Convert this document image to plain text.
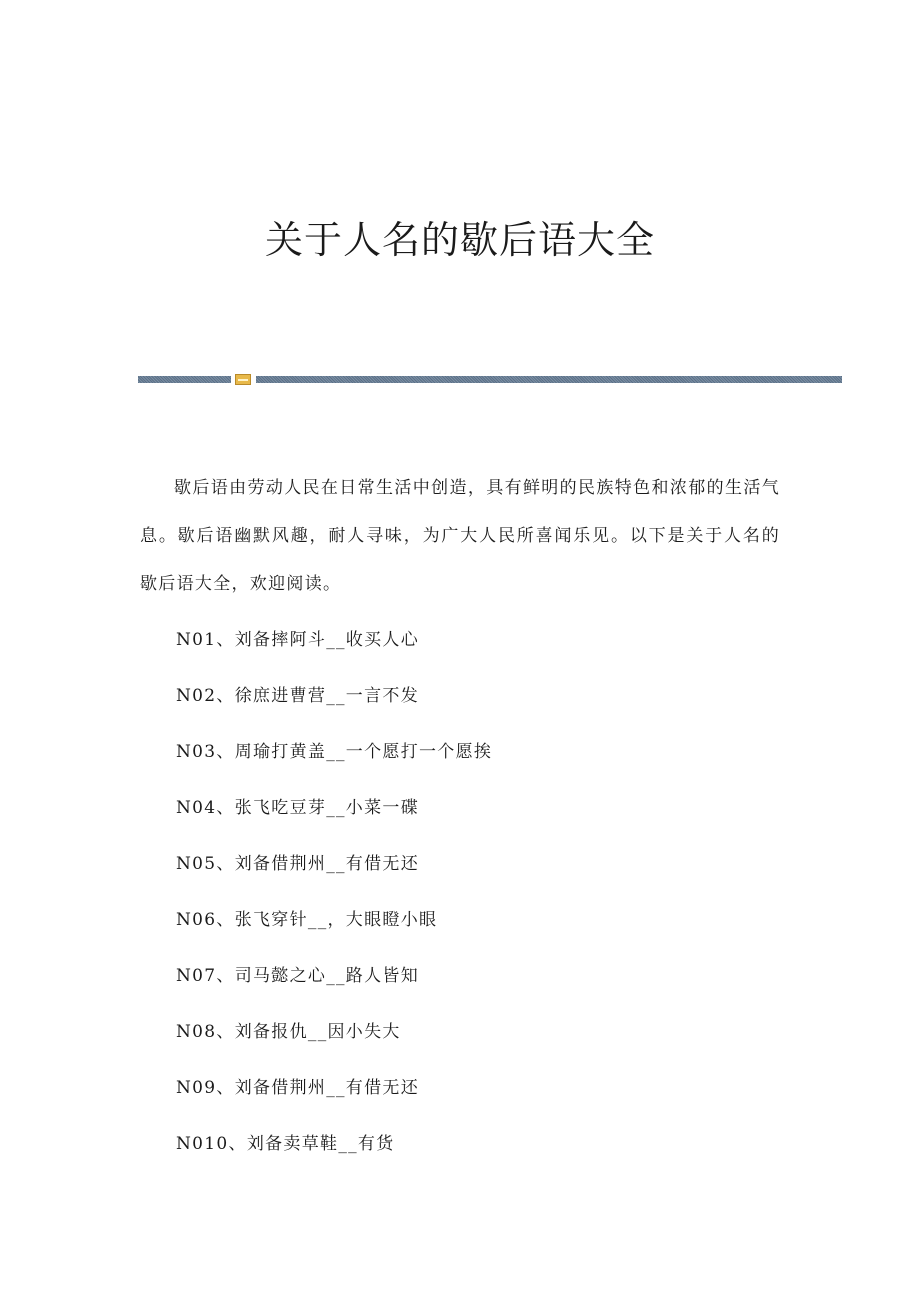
关于人名的歇后语大全

歇后语由劳动人民在日常生活中创造，具有鲜明的民族特色和浓郁的生活气息。歇后语幽默风趣，耐人寻味，为广大人民所喜闻乐见。以下是关于人名的歇后语大全，欢迎阅读。

N01、刘备摔阿斗__收买人心
N02、徐庶进曹营__一言不发
N03、周瑜打黄盖__一个愿打一个愿挨
N04、张飞吃豆芽__小菜一碟
N05、刘备借荆州__有借无还
N06、张飞穿针__，大眼瞪小眼
N07、司马懿之心__路人皆知
N08、刘备报仇__因小失大
N09、刘备借荆州__有借无还
N010、刘备卖草鞋__有货
